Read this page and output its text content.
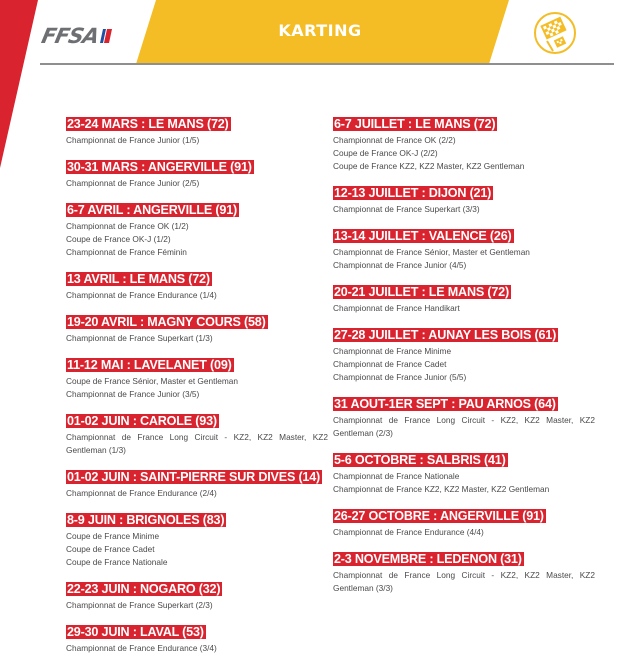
FFSA	KARTING
23-24 MARS : LE MANS (72)
Championnat de France Junior (1/5)
30-31 MARS : ANGERVILLE (91)
Championnat de France Junior (2/5)
6-7 AVRIL : ANGERVILLE (91)
Championnat de France OK (1/2)
Coupe de France OK-J (1/2)
Championnat de France Féminin
13 AVRIL : LE MANS (72)
Championnat de France Endurance (1/4)
19-20 AVRIL : MAGNY COURS (58)
Championnat de France Superkart (1/3)
11-12 MAI : LAVELANET (09)
Coupe de France Sénior, Master et Gentleman
Championnat de France Junior (3/5)
01-02 JUIN : CAROLE (93)
Championnat de France Long Circuit - KZ2, KZ2 Master, KZ2 Gentleman (1/3)
01-02 JUIN : SAINT-PIERRE SUR DIVES (14)
Championnat de France Endurance (2/4)
8-9 JUIN : BRIGNOLES (83)
Coupe de France Minime
Coupe de France Cadet
Coupe de France Nationale
22-23 JUIN : NOGARO (32)
Championnat de France Superkart (2/3)
29-30 JUIN : LAVAL (53)
Championnat de France Endurance (3/4)
6-7 JUILLET : LE MANS (72)
Championnat de France OK (2/2)
Coupe de France OK-J (2/2)
Coupe de France KZ2, KZ2 Master, KZ2 Gentleman
12-13 JUILLET : DIJON (21)
Championnat de France Superkart (3/3)
13-14 JUILLET : VALENCE (26)
Championnat de France Sénior, Master et Gentleman
Championnat de France Junior (4/5)
20-21 JUILLET : LE MANS (72)
Championnat de France Handikart
27-28 JUILLET : AUNAY LES BOIS (61)
Championnat de France Minime
Championnat de France Cadet
Championnat de France Junior (5/5)
31 AOUT-1ER SEPT : PAU ARNOS (64)
Championnat de France Long Circuit - KZ2, KZ2 Master, KZ2 Gentleman (2/3)
5-6 OCTOBRE : SALBRIS (41)
Championnat de France Nationale
Championnat de France KZ2, KZ2 Master, KZ2 Gentleman
26-27 OCTOBRE : ANGERVILLE (91)
Championnat de France Endurance (4/4)
2-3 NOVEMBRE : LEDENON (31)
Championnat de France Long Circuit - KZ2, KZ2 Master, KZ2 Gentleman (3/3)
